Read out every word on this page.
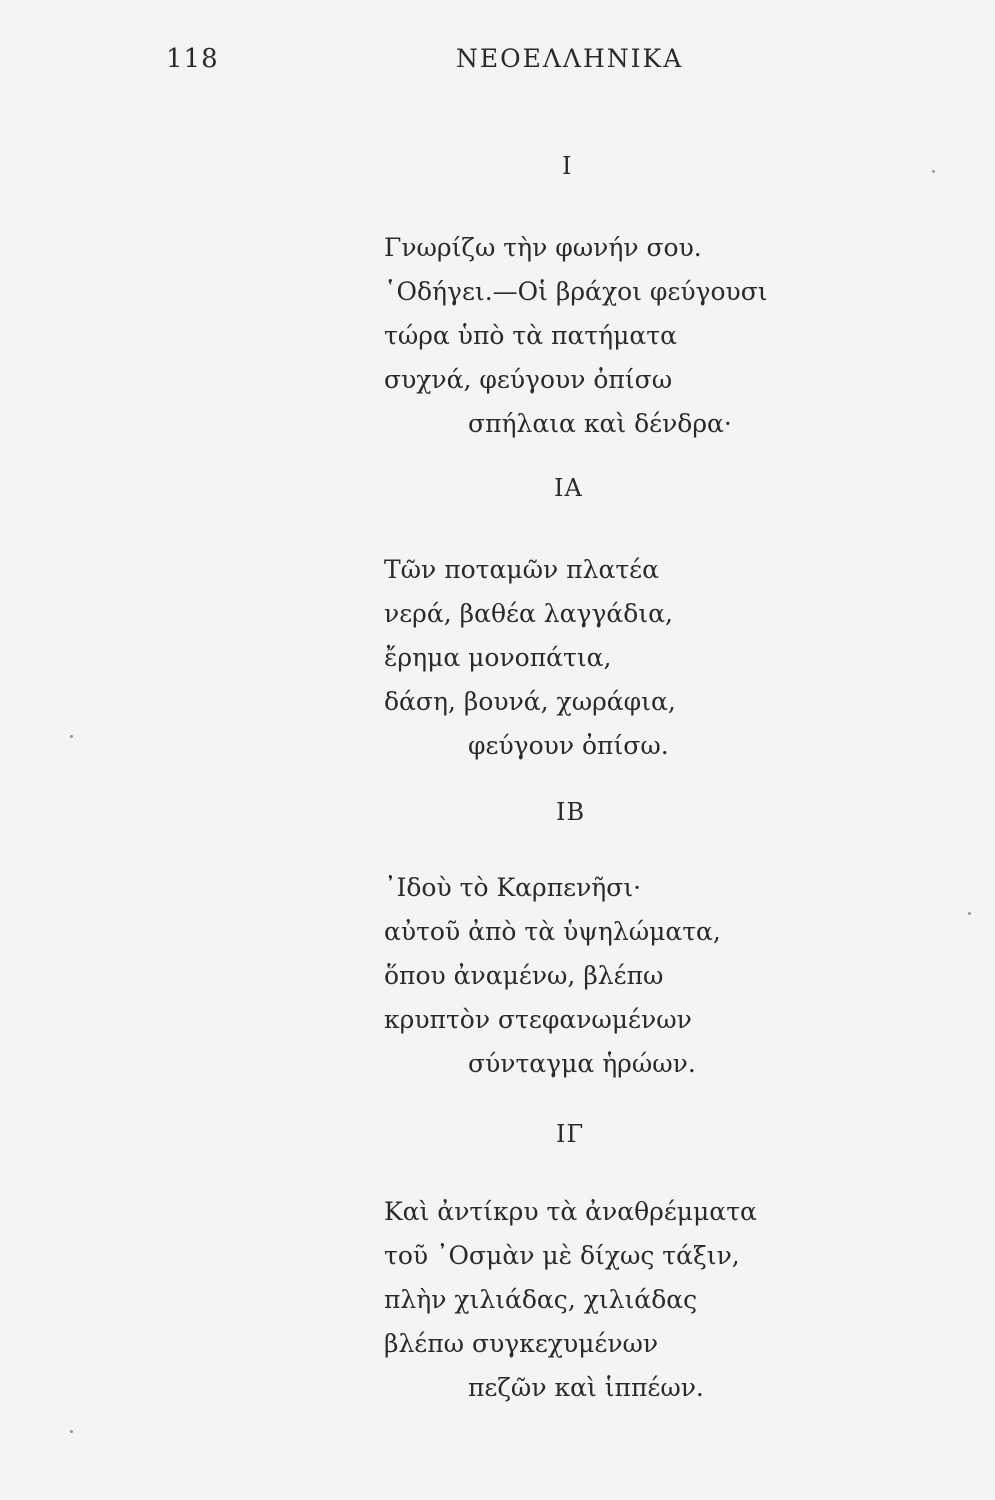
118	ΝΕΟΕΛΛΗΝΙΚΑ
Ι
Γνωρίζω τὴν φωνήν σου.
῾Οδήγει.—Οἱ βράχοι φεύγουσι
τώρα ὑπὸ τὰ πατήματα
συχνά, φεύγουν ὀπίσω
σπήλαια καὶ δένδρα·
ΙΑ
Τῶν ποταμῶν πλατέα
νερά, βαθέα λαγγάδια,
ἔρημα μονοπάτια,
δάση, βουνά, χωράφια,
φεύγουν ὀπίσω.
ΙΒ
᾿Ιδοὺ τὸ Καρπενῆσι·
αὐτοῦ ἀπὸ τὰ ὑψηλώματα,
ὅπου ἀναμένω, βλέπω
κρυπτὸν στεφανωμένων
σύνταγμα ἡρώων.
ΙΓ
Καὶ ἀντίκρυ τὰ ἀναθρέμματα
τοῦ ᾿Οσμὰν μὲ δίχως τάξιν,
πλὴν χιλιάδας, χιλιάδας
βλέπω συγκεχυμένων
πεζῶν καὶ ἱππέων.
